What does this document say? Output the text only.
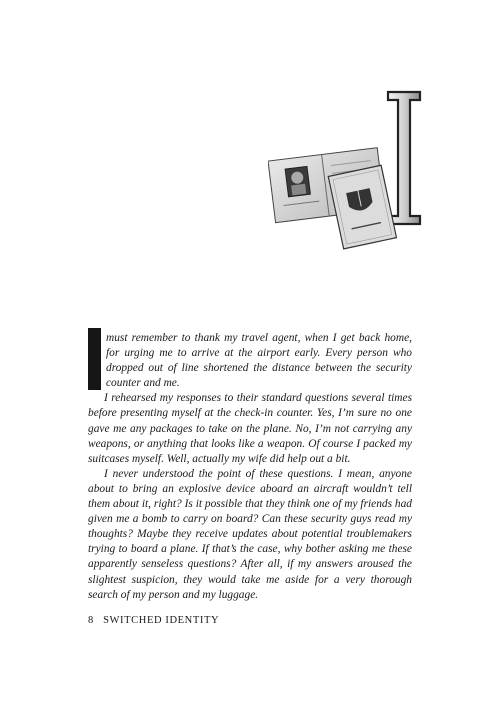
must remember to thank my travel agent, when I get back home, for urging me to arrive at the airport early. Every person who dropped out of line shortened the distance between the security counter and me.

I rehearsed my responses to their standard questions several times before presenting myself at the check-in counter. Yes, I’m sure no one gave me any packages to take on the plane. No, I’m not carrying any weapons, or anything that looks like a weapon. Of course I packed my suitcases myself. Well, actually my wife did help out a bit.

I never understood the point of these questions. I mean, anyone about to bring an explosive device aboard an aircraft wouldn’t tell them about it, right? Is it possible that they think one of my friends had given me a bomb to carry on board? Can these security guys read my thoughts? Maybe they receive updates about potential troublemakers trying to board a plane. If that’s the case, why bother asking me these apparently senseless questions? After all, if my answers aroused the slightest suspicion, they would take me aside for a very thorough search of my person and my luggage.

8 SWITCHED IDENTITY
